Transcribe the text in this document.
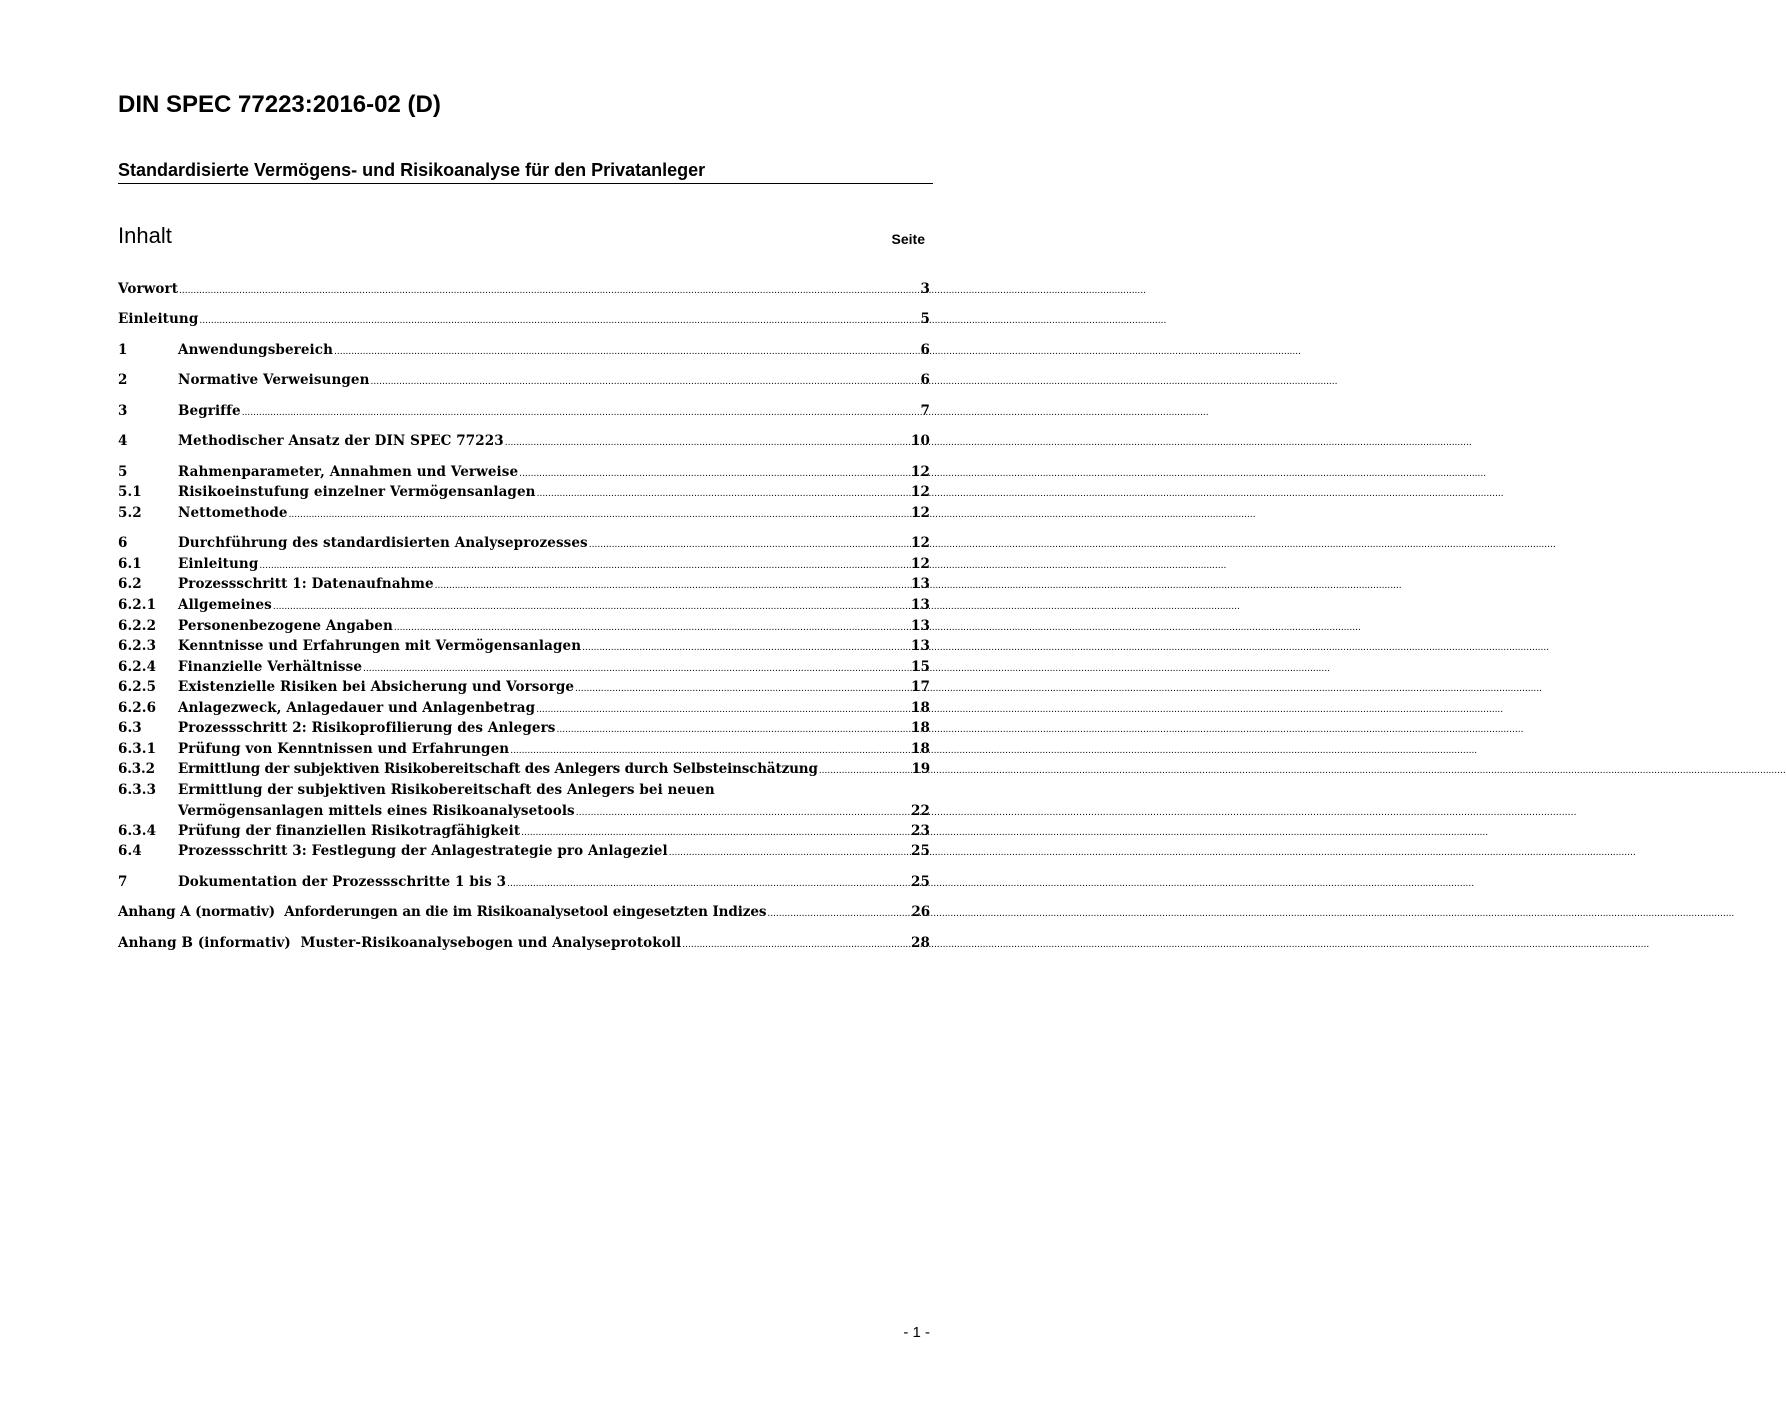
DIN SPEC 77223:2016-02 (D)
Standardisierte Vermögens- und Risikoanalyse für den Privatanleger
Inhalt	Seite
Vorwort .....	3
Einleitung .....	5
1	Anwendungsbereich .....	6
2	Normative Verweisungen .....	6
3	Begriffe .....	7
4	Methodischer Ansatz der DIN SPEC 77223 .....	10
5	Rahmenparameter, Annahmen und Verweise .....	12
5.1	Risikoeinstufung einzelner Vermögensanlagen .....	12
5.2	Nettomethode .....	12
6	Durchführung des standardisierten Analyseprozesses .....	12
6.1	Einleitung .....	12
6.2	Prozessschritt 1: Datenaufnahme .....	13
6.2.1	Allgemeines .....	13
6.2.2	Personenbezogene Angaben .....	13
6.2.3	Kenntnisse und Erfahrungen mit Vermögensanlagen .....	13
6.2.4	Finanzielle Verhältnisse .....	15
6.2.5	Existenzielle Risiken bei Absicherung und Vorsorge .....	17
6.2.6	Anlagezweck, Anlagedauer und Anlagenbetrag .....	18
6.3	Prozessschritt 2: Risikoprofilierung des Anlegers .....	18
6.3.1	Prüfung von Kenntnissen und Erfahrungen .....	18
6.3.2	Ermittlung der subjektiven Risikobereitschaft des Anlegers durch Selbsteinschätzung .....	19
6.3.3	Ermittlung der subjektiven Risikobereitschaft des Anlegers bei neuen
Vermögensanlagen mittels eines Risikoanalysetools .....	22
6.3.4	Prüfung der finanziellen Risikotragfähigkeit .....	23
6.4	Prozessschritt 3: Festlegung der Anlagestrategie pro Anlageziel .....	25
7	Dokumentation der Prozessschritte 1 bis 3 .....	25
Anhang A (normativ)  Anforderungen an die im Risikoanalysetool eingesetzten Indizes .....	26
Anhang B (informativ)  Muster-Risikoanalysebogen und Analyseprotokoll .....	28
- 1 -
